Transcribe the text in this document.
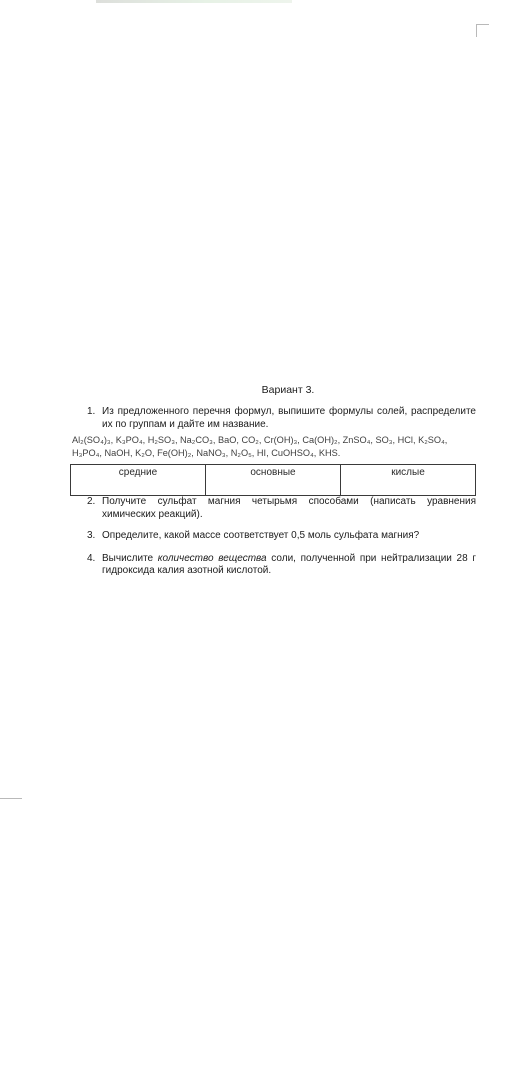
Вариант 3.
1. Из предложенного перечня формул, выпишите формулы солей, распределите их по группам и дайте им название.
Al₂(SO₄)₃, K₃PO₄, H₂SO₃, Na₂CO₃, BaO, CO₂, Cr(OH)₃, Ca(OH)₂, ZnSO₄, SO₃, HCl, K₂SO₄, H₃PO₄, NaOH, K₂O, Fe(OH)₂, NaNO₃, N₂O₅, HI, CuOHSO₄, KHS.
средние	основные	кислые
2. Получите сульфат магния четырьмя способами (написать уравнения химических реакций).
3. Определите, какой массе соответствует 0,5 моль сульфата магния?
4. Вычислите количество вещества соли, полученной при нейтрализации 28 г гидроксида калия азотной кислотой.
